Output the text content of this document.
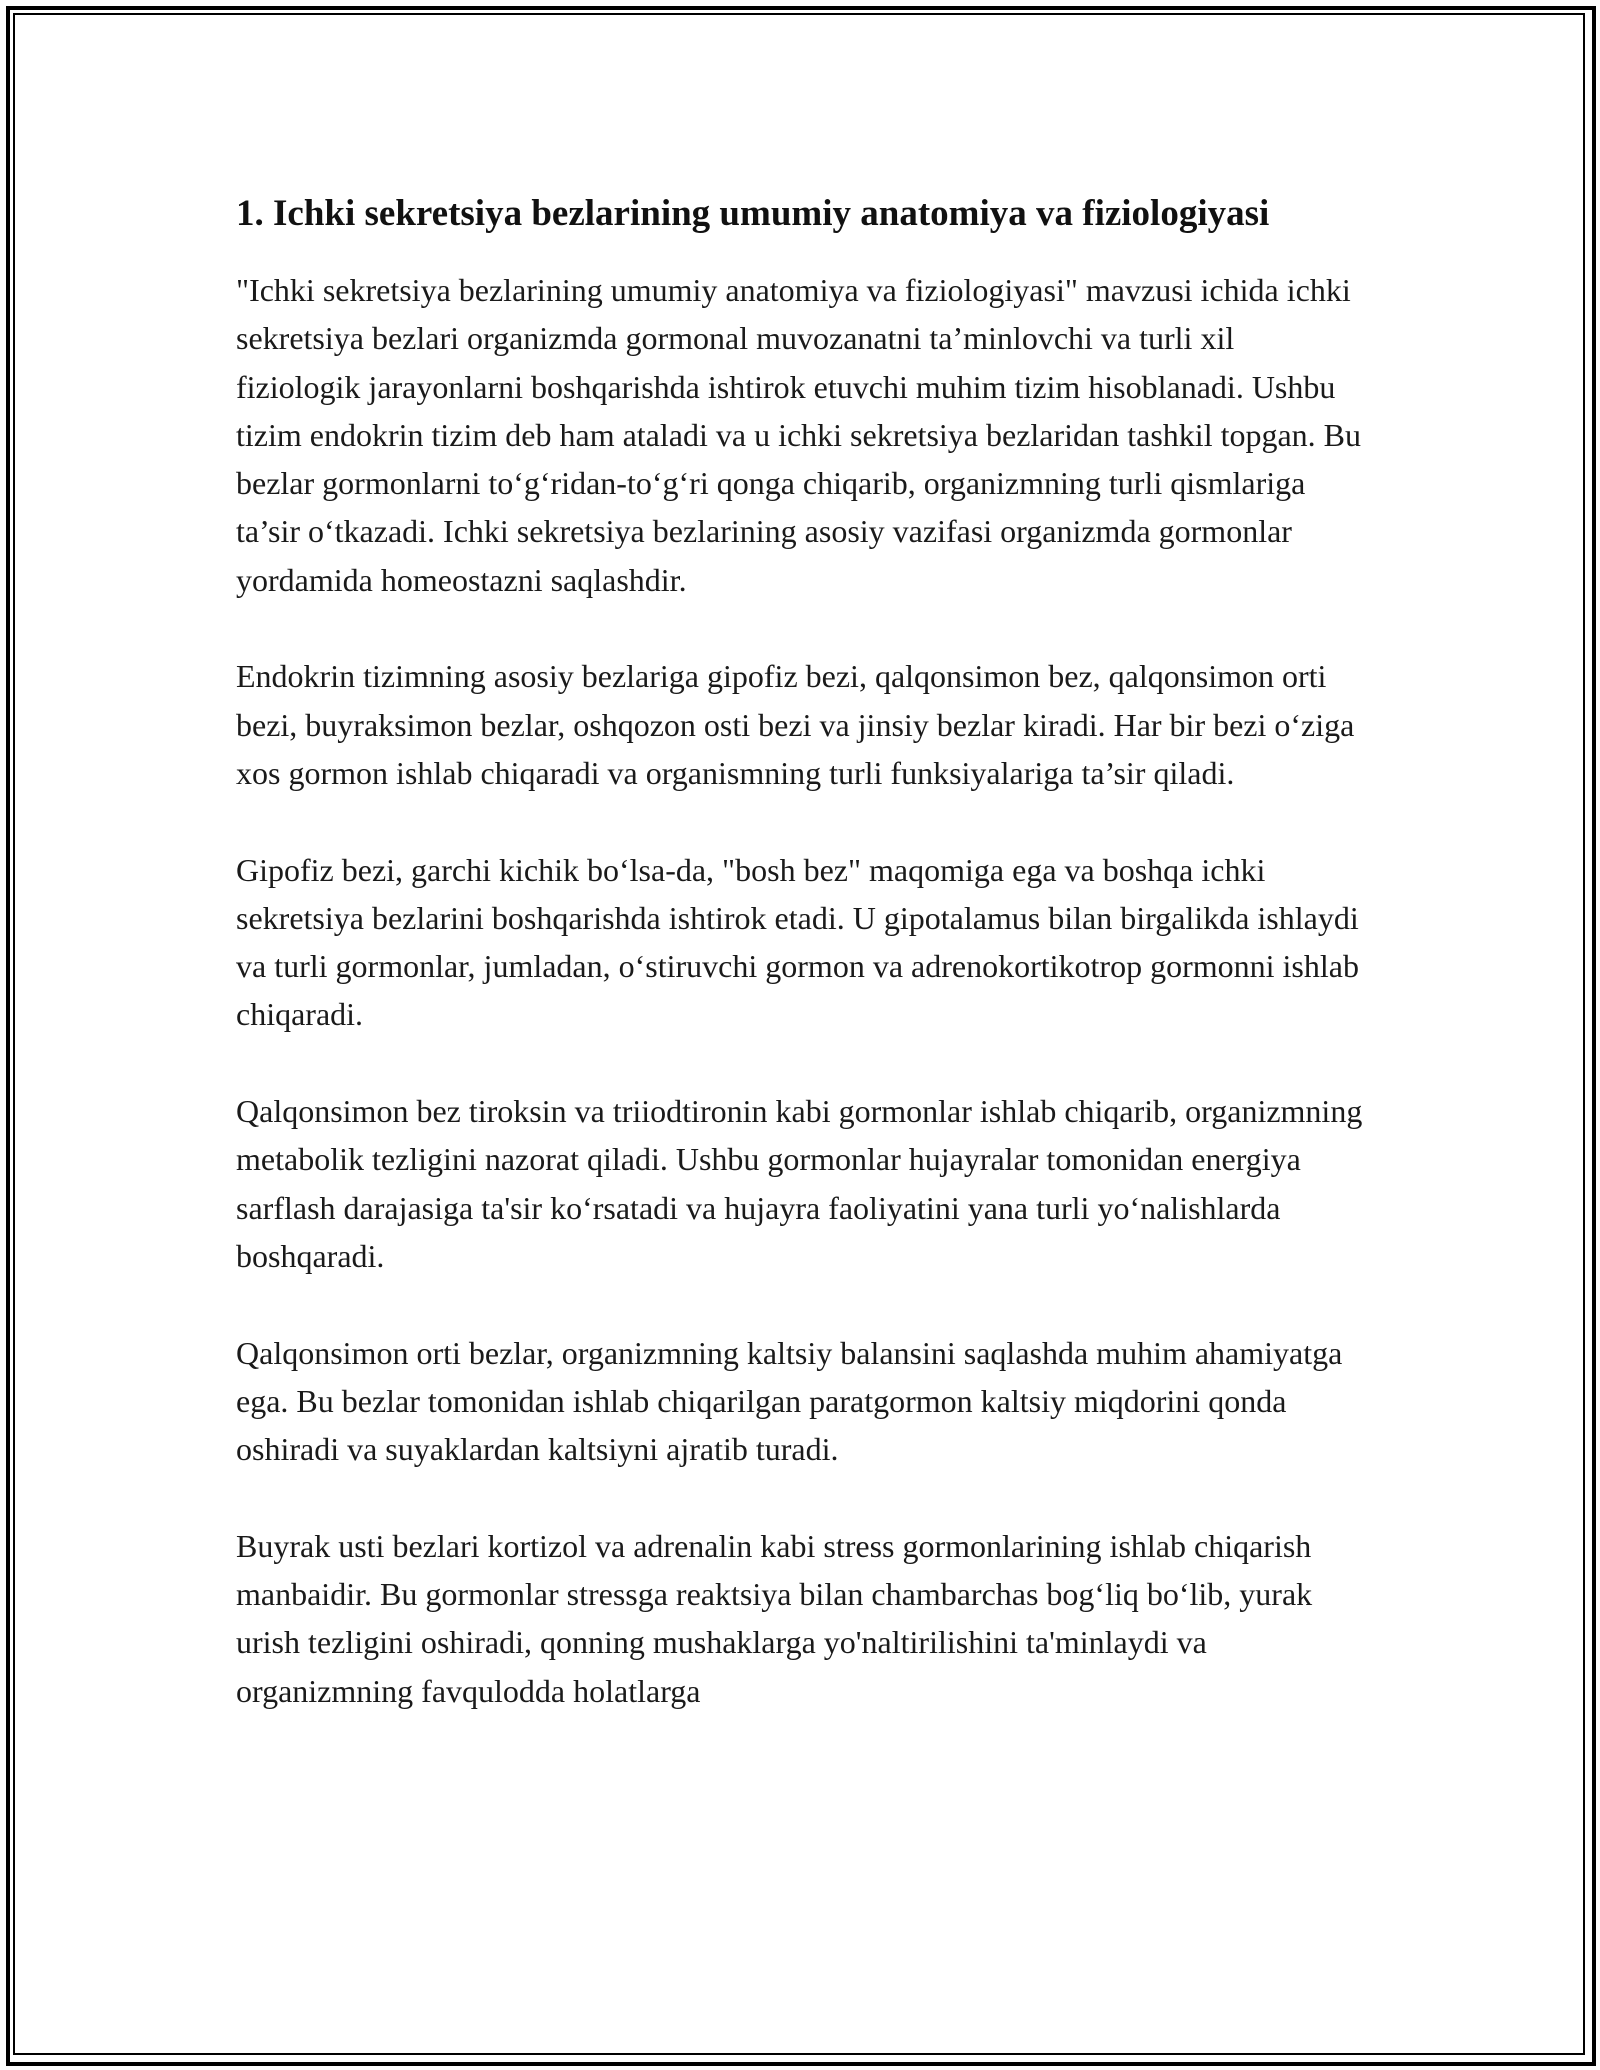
1. Ichki sekretsiya bezlarining umumiy anatomiya va fiziologiyasi

"Ichki sekretsiya bezlarining umumiy anatomiya va fiziologiyasi" mavzusi ichida ichki sekretsiya bezlari organizmda gormonal muvozanatni ta’minlovchi va turli xil fiziologik jarayonlarni boshqarishda ishtirok etuvchi muhim tizim hisoblanadi. Ushbu tizim endokrin tizim deb ham ataladi va u ichki sekretsiya bezlaridan tashkil topgan. Bu bezlar gormonlarni to‘g‘ridan-to‘g‘ri qonga chiqarib, organizmning turli qismlariga ta’sir o‘tkazadi. Ichki sekretsiya bezlarining asosiy vazifasi organizmda gormonlar yordamida homeostazni saqlashdir.

Endokrin tizimning asosiy bezlariga gipofiz bezi, qalqonsimon bez, qalqonsimon orti bezi, buyraksimon bezlar, oshqozon osti bezi va jinsiy bezlar kiradi. Har bir bezi o‘ziga xos gormon ishlab chiqaradi va organismning turli funksiyalariga ta’sir qiladi.

Gipofiz bezi, garchi kichik bo‘lsa-da, "bosh bez" maqomiga ega va boshqa ichki sekretsiya bezlarini boshqarishda ishtirok etadi. U gipotalamus bilan birgalikda ishlaydi va turli gormonlar, jumladan, o‘stiruvchi gormon va adrenokortikotrop gormonni ishlab chiqaradi.

Qalqonsimon bez tiroksin va triiodtironin kabi gormonlar ishlab chiqarib, organizmning metabolik tezligini nazorat qiladi. Ushbu gormonlar hujayralar tomonidan energiya sarflash darajasiga ta'sir ko‘rsatadi va hujayra faoliyatini yana turli yo‘nalishlarda boshqaradi.

Qalqonsimon orti bezlar, organizmning kaltsiy balansini saqlashda muhim ahamiyatga ega. Bu bezlar tomonidan ishlab chiqarilgan paratgormon kaltsiy miqdorini qonda oshiradi va suyaklardan kaltsiyni ajratib turadi.

Buyrak usti bezlari kortizol va adrenalin kabi stress gormonlarining ishlab chiqarish manbaidir. Bu gormonlar stressga reaktsiya bilan chambarchas bog‘liq bo‘lib, yurak urish tezligini oshiradi, qonning mushaklarga yo'naltirilishini ta'minlaydi va organizmning favqulodda holatlarga
